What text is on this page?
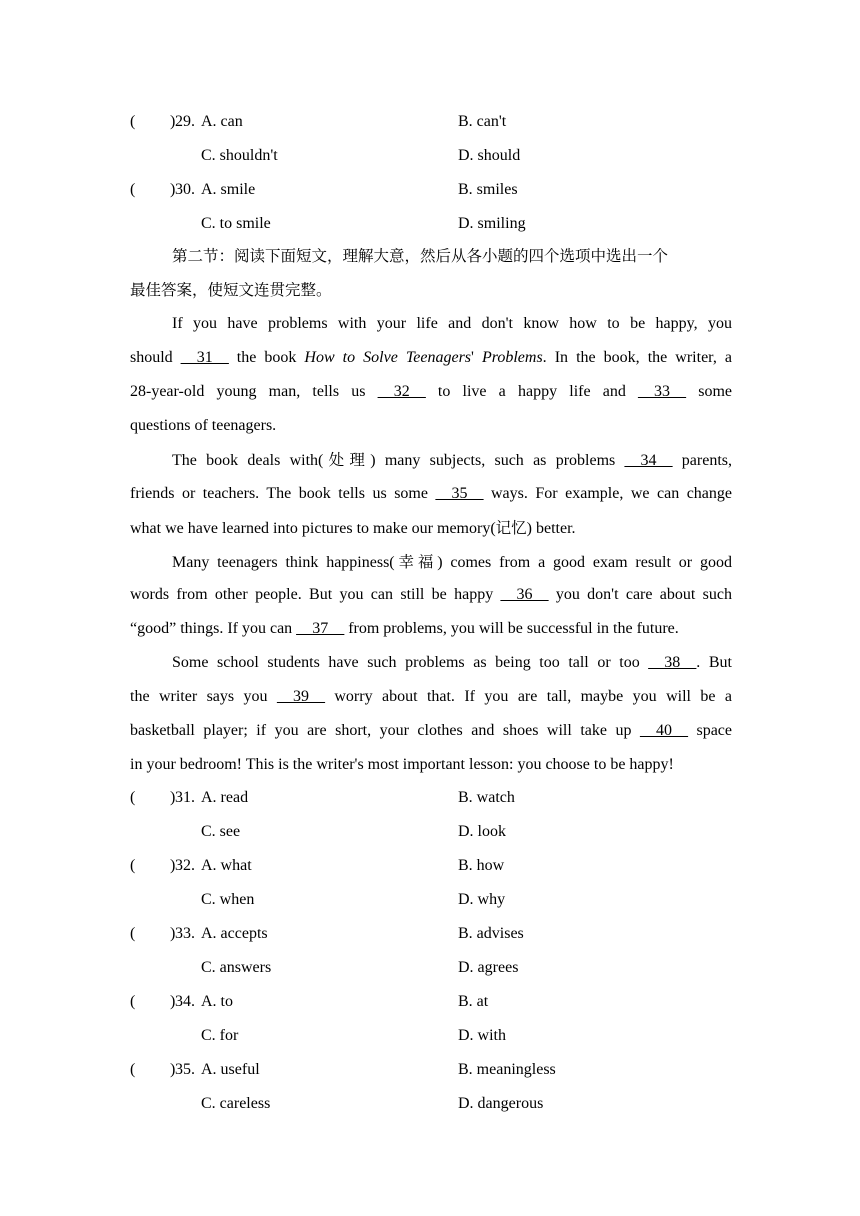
( ) 29. A. can	B. can't
C. shouldn't	D. should
( ) 30. A. smile	B. smiles
C. to smile	D. smiling
第二节：阅读下面短文，理解大意，然后从各小题的四个选项中选出一个
最佳答案，使短文连贯完整。
If you have problems with your life and don't know how to be happy, you
should __31__ the book How to Solve Teenagers' Problems. In the book, the writer, a
28-year-old young man, tells us __32__ to live a happy life and __33__ some
questions of teenagers.
The book deals with(处理) many subjects, such as problems __34__ parents,
friends or teachers. The book tells us some __35__ ways. For example, we can change
what we have learned into pictures to make our memory(记忆) better.
Many teenagers think happiness(幸福) comes from a good exam result or good
words from other people. But you can still be happy __36__ you don't care about such
“good” things. If you can __37__ from problems, you will be successful in the future.
Some school students have such problems as being too tall or too __38__. But
the writer says you __39__ worry about that. If you are tall, maybe you will be a
basketball player; if you are short, your clothes and shoes will take up __40__ space
in your bedroom! This is the writer's most important lesson: you choose to be happy!
( ) 31. A. read	B. watch
C. see	D. look
( ) 32. A. what	B. how
C. when	D. why
( ) 33. A. accepts	B. advises
C. answers	D. agrees
( ) 34. A. to	B. at
C. for	D. with
( ) 35. A. useful	B. meaningless
C. careless	D. dangerous
